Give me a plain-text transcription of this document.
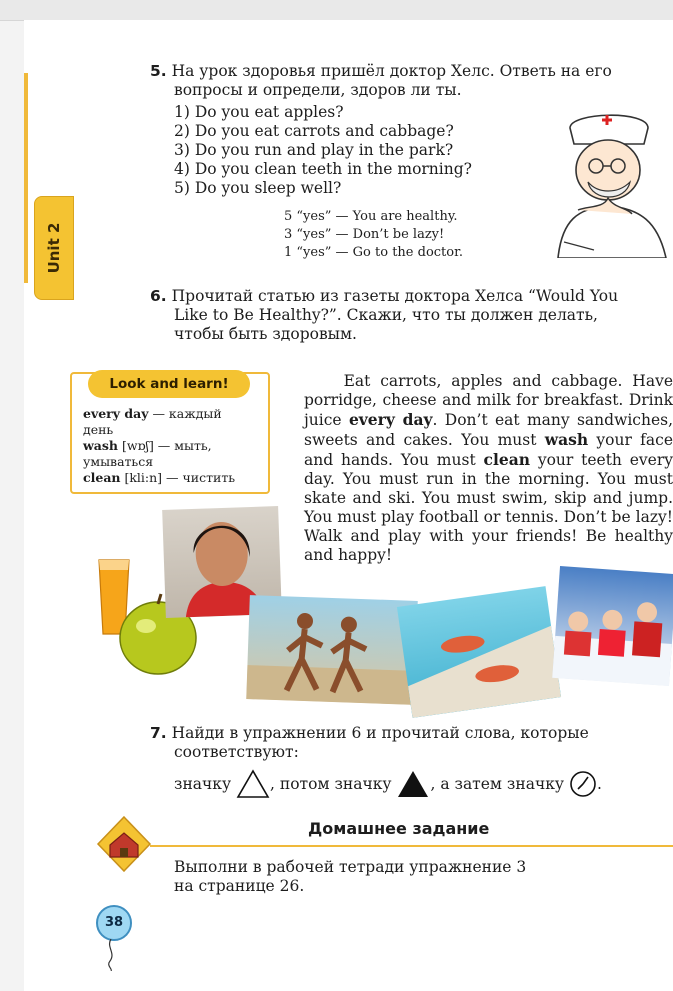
Unit 2
5. На урок здоровья пришёл доктор Хелс. Ответь на его
вопросы и определи, здоров ли ты.
1) Do you eat apples?
2) Do you eat carrots and cabbage?
3) Do you run and play in the park?
4) Do you clean teeth in the morning?
5) Do you sleep well?
5 “yes” — You are healthy.
3 “yes” — Don’t be lazy!
1 “yes” — Go to the doctor.
6. Прочитай статью из газеты доктора Хелса “Would You
Like to Be Healthy?”. Скажи, что ты должен делать,
чтобы быть здоровым.
Look and learn!
every day — каждый
день
wash [wɒʃ] — мыть,
умываться
clean [kli:n] — чистить
Eat carrots, apples and cabbage. Have porridge, cheese and milk for breakfast. Drink juice every day. Don’t eat many sandwiches, sweets and cakes. You must wash your face and hands. You must clean your teeth every day. You must run in the morning. You must skate and ski. You must swim, skip and jump. You must play football or tennis. Don’t be lazy! Walk and play with your friends! Be healthy and happy!
7. Найди в упражнении 6 и прочитай слова, которые
соответствуют:
значку	, потом значку	, а затем значку .
Домашнее задание
Выполни в рабочей тетради упражнение 3
на странице 26.
38
